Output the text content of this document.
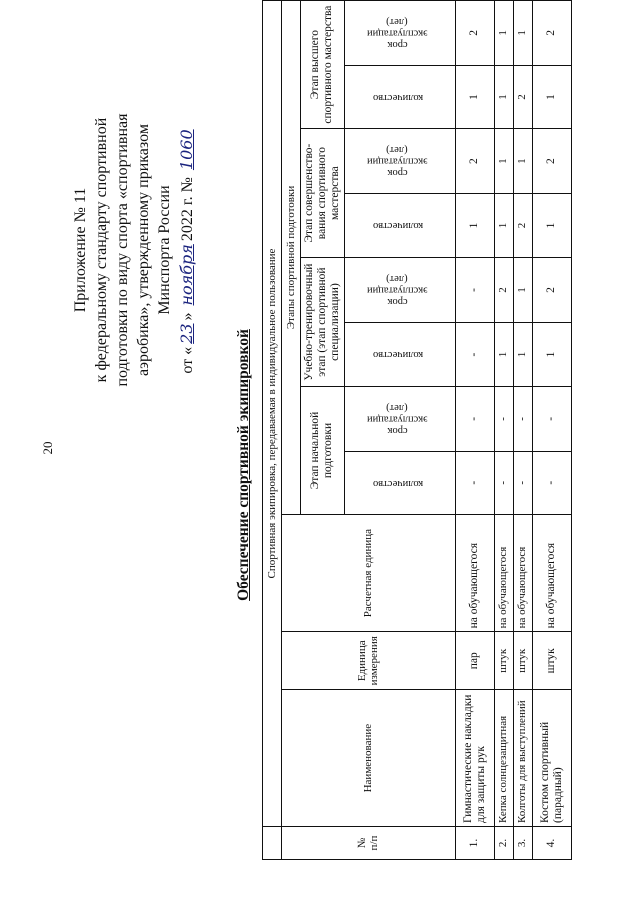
20
Приложение № 11 к федеральному стандарту спортивной подготовки по виду спорта «спортивная аэробика», утвержденному приказом Минспорта России
от «23» ноября2022 г. № 1060
Обеспечение спортивной экипировкой
	Спортивная экипировка, передаваемая в индивидуальное пользование										
№
п/п	Наименование	Единица
измерения	Расчетная единица	Этапы спортивной подготовки							
				Этап начальной подготовки		Учебно-тренировочный этап (этап спортивной специализации)		Этап совершенство-вания спортивного мастерства		Этап высшего спортивного мастерства	
				количество	срок
эксплуатации
(лет)	количество	срок
эксплуатации
(лет)	количество	срок
эксплуатации
(лет)	количество	срок
эксплуатации
(лет)

1.	Гимнастические накладки для защиты рук	пар	на обучающегося	-	-	-	-	1	2	1	2
2.	Кепка солнцезащитная	штук	на обучающегося	-	-	1	2	1	1	1	1
3.	Колготы для выступлений	штук	на обучающегося	-	-	1	1	2	1	2	1
4.	Костюм спортивный (парадный)	штук	на обучающегося	-	-	1	2	1	2	1	2
